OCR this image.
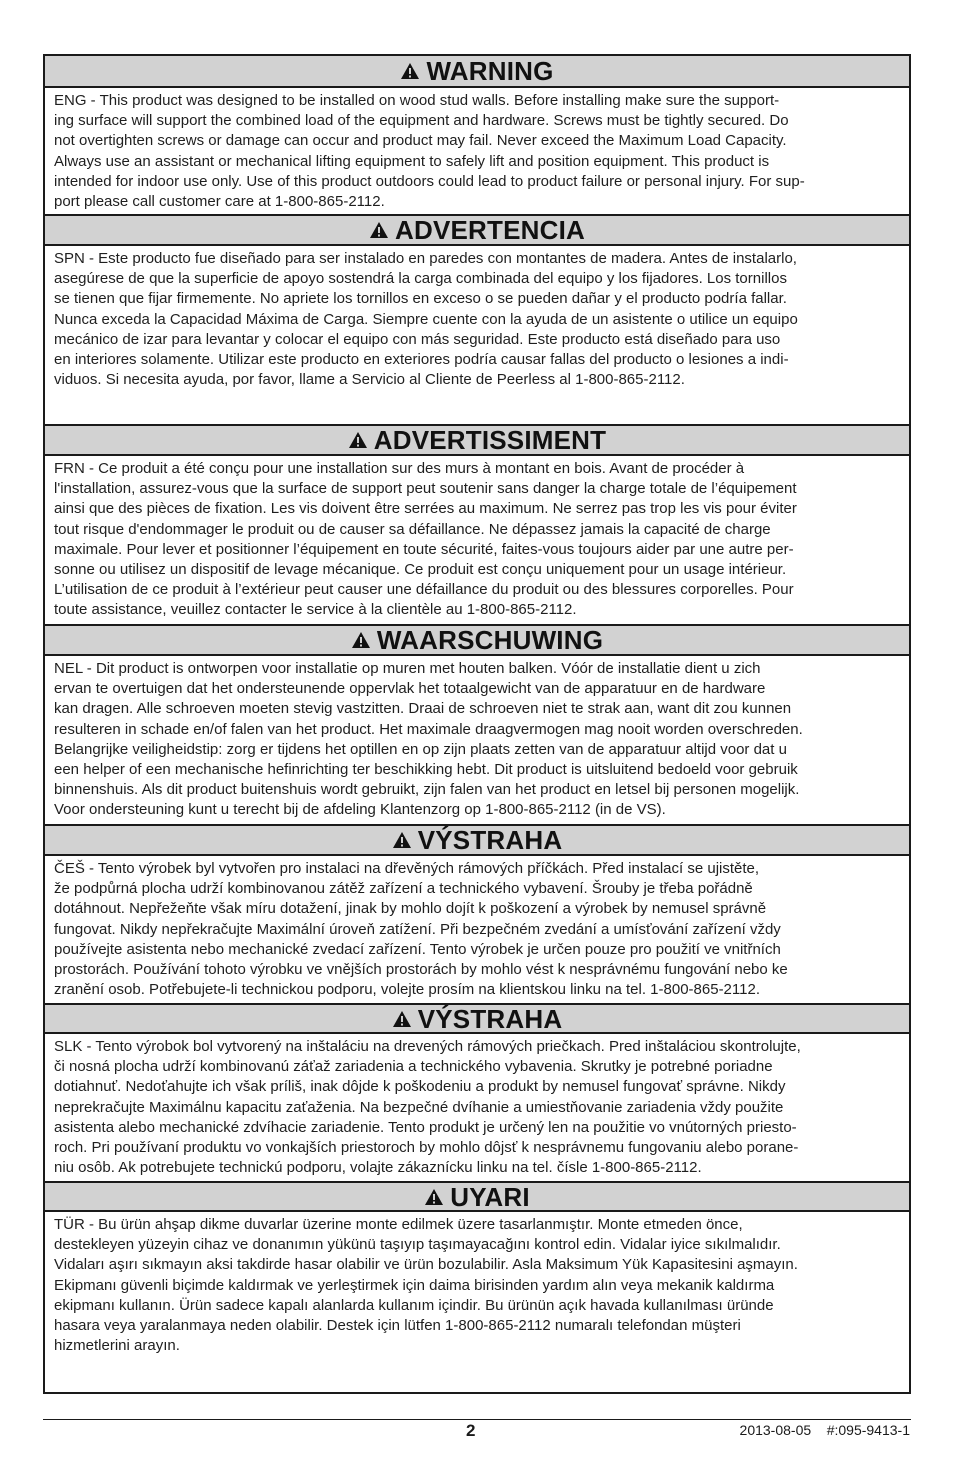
WARNING
ENG - This product was designed to be installed on wood stud walls. Before installing make sure the support-
ing surface will support the combined load of the equipment and hardware. Screws must be tightly secured. Do
not overtighten screws or damage can occur and product may fail. Never exceed the Maximum Load Capacity.
Always use an assistant or mechanical lifting equipment to safely lift and position equipment. This product is
intended for indoor use only. Use of this product outdoors could lead to product failure or personal injury. For sup-
port please call customer care at 1-800-865-2112.
ADVERTENCIA
SPN - Este producto fue diseñado para ser instalado en paredes con montantes de madera. Antes de instalarlo,
asegúrese de que la superficie de apoyo sostendrá la carga combinada del equipo y los fijadores. Los tornillos
se tienen que fijar firmemente. No apriete los tornillos en exceso o se pueden dañar y el producto podría fallar.
Nunca exceda la Capacidad Máxima de Carga. Siempre cuente con la ayuda de un asistente o utilice un equipo
mecánico de izar para levantar y colocar el equipo con más seguridad. Este producto está diseñado para uso
en interiores solamente. Utilizar este producto en exteriores podría causar fallas del producto o lesiones a indi-
viduos. Si necesita ayuda, por favor, llame a Servicio al Cliente de Peerless al 1-800-865-2112.
ADVERTISSIMENT
FRN - Ce produit a été conçu pour une installation sur des murs à montant en bois. Avant de procéder à
l'installation, assurez-vous que la surface de support peut soutenir sans danger la charge totale de l’équipement
ainsi que des pièces de fixation. Les vis doivent être serrées au maximum. Ne serrez pas trop les vis pour éviter
tout risque d'endommager le produit ou de causer sa défaillance. Ne dépassez jamais la capacité de charge
maximale. Pour lever et positionner l’équipement en toute sécurité, faites-vous toujours aider par une autre per-
sonne ou utilisez un dispositif de levage mécanique. Ce produit est conçu uniquement pour un usage intérieur.
L’utilisation de ce produit à l’extérieur peut causer une défaillance du produit ou des blessures corporelles. Pour
toute assistance, veuillez contacter le service à la clientèle au 1-800-865-2112.
WAARSCHUWING
NEL - Dit product is ontworpen voor installatie op muren met houten balken. Vóór de installatie dient u zich
ervan te overtuigen dat het ondersteunende oppervlak het totaalgewicht van de apparatuur en de hardware
kan dragen. Alle schroeven moeten stevig vastzitten. Draai de schroeven niet te strak aan, want dit zou kunnen
resulteren in schade en/of falen van het product. Het maximale draagvermogen mag nooit worden overschreden.
Belangrijke veiligheidstip: zorg er tijdens het optillen en op zijn plaats zetten van de apparatuur altijd voor dat u
een helper of een mechanische hefinrichting ter beschikking hebt. Dit product is uitsluitend bedoeld voor gebruik
binnenshuis. Als dit product buitenshuis wordt gebruikt, zijn falen van het product en letsel bij personen mogelijk.
Voor ondersteuning kunt u terecht bij de afdeling Klantenzorg op 1-800-865-2112 (in de VS).
VÝSTRAHA
ČEŠ - Tento výrobek byl vytvořen pro instalaci na dřevěných rámových příčkách. Před instalací se ujistěte,
že podpůrná plocha udrží kombinovanou zátěž zařízení a technického vybavení. Šrouby je třeba pořádně
dotáhnout. Nepřežeňte však míru dotažení, jinak by mohlo dojít k poškození a výrobek by nemusel správně
fungovat. Nikdy nepřekračujte Maximální úroveň zatížení. Při bezpečném zvedání a umísťování zařízení vždy
používejte asistenta nebo mechanické zvedací zařízení. Tento výrobek je určen pouze pro použití ve vnitřních
prostorách. Používání tohoto výrobku ve vnějších prostorách by mohlo vést k nesprávnému fungování nebo ke
zranění osob. Potřebujete-li technickou podporu, volejte prosím na klientskou linku na tel. 1-800-865-2112.
VÝSTRAHA
SLK - Tento výrobok bol vytvorený na inštaláciu na drevených rámových priečkach. Pred inštaláciou skontrolujte,
či nosná plocha udrží kombinovanú záťaž zariadenia a technického vybavenia. Skrutky je potrebné poriadne
dotiahnuť. Nedoťahujte ich však príliš, inak dôjde k poškodeniu a produkt by nemusel fungovať správne. Nikdy
neprekračujte Maximálnu kapacitu zaťaženia. Na bezpečné dvíhanie a umiestňovanie zariadenia vždy použite
asistenta alebo mechanické zdvíhacie zariadenie. Tento produkt je určený len na použitie vo vnútorných priesto-
roch. Pri používaní produktu vo vonkajších priestoroch by mohlo dôjsť k nesprávnemu fungovaniu alebo porane-
niu osôb. Ak potrebujete technickú podporu, volajte zákaznícku linku na tel. čísle 1-800-865-2112.
UYARI
TÜR - Bu ürün ahşap dikme duvarlar üzerine monte edilmek üzere tasarlanmıştır. Monte etmeden önce,
destekleyen yüzeyin cihaz ve donanımın yükünü taşıyıp taşımayacağını kontrol edin. Vidalar iyice sıkılmalıdır.
Vidaları aşırı sıkmayın aksi takdirde hasar olabilir ve ürün bozulabilir. Asla Maksimum Yük Kapasitesini aşmayın.
Ekipmanı güvenli biçimde kaldırmak ve yerleştirmek için daima birisinden yardım alın veya mekanik kaldırma
ekipmanı kullanın. Ürün sadece kapalı alanlarda kullanım içindir. Bu ürünün açık havada kullanılması üründe
hasara veya yaralanmaya neden olabilir. Destek için lütfen 1-800-865-2112 numaralı telefondan müşteri
hizmetlerini arayın.
2	2013-08-05    #:095-9413-1
